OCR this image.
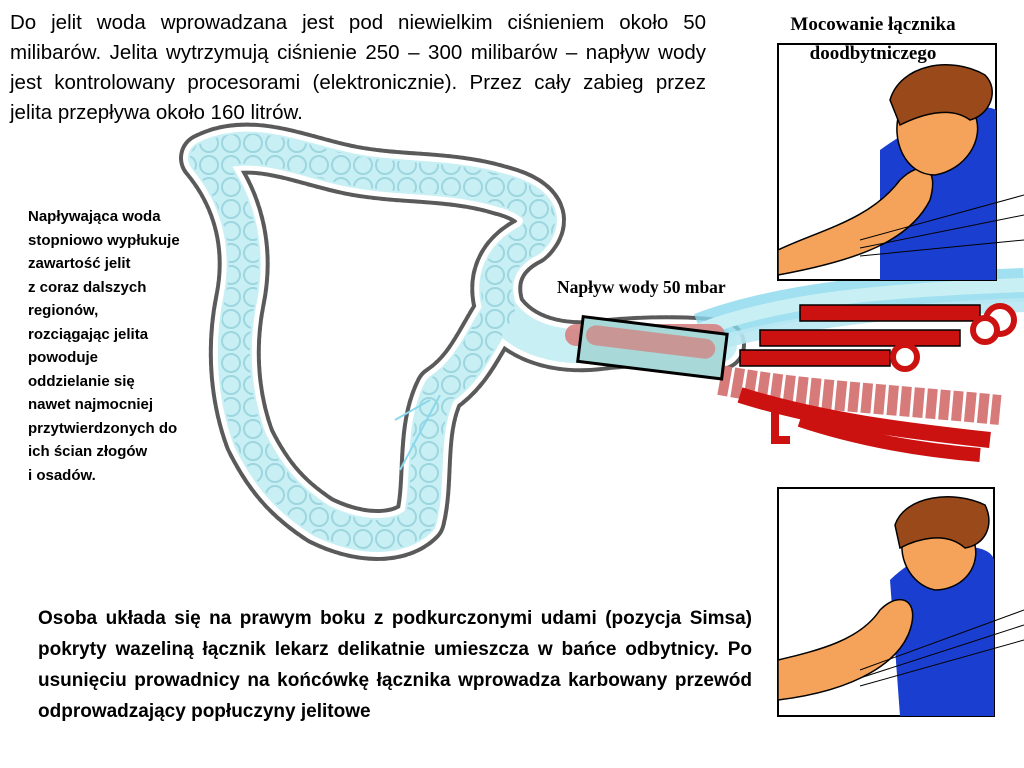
Do jelit woda wprowadzana jest pod niewielkim ciśnieniem około 50 milibarów. Jelita wytrzymują ciśnienie 250 – 300 milibarów – napływ wody jest kontrolowany procesorami (elektronicznie). Przez cały zabieg przez jelita przepływa około 160 litrów.
Napływająca woda
stopniowo wypłukuje
zawartość jelit
z coraz dalszych
regionów,
rozciągając jelita
powoduje
oddzielanie się
nawet najmocniej
przytwierdzonych do
ich ścian złogów
i osadów.
Mocowanie łącznika
doodbytniczego
Napływ wody 50 mbar
Osoba układa się na prawym boku z podkurczonymi udami (pozycja Simsa) pokryty wazeliną łącznik lekarz delikatnie umieszcza w bańce odbytnicy. Po usunięciu prowadnicy na końcówkę łącznika wprowadza karbowany przewód odprowadzający popłuczyny jelitowe
